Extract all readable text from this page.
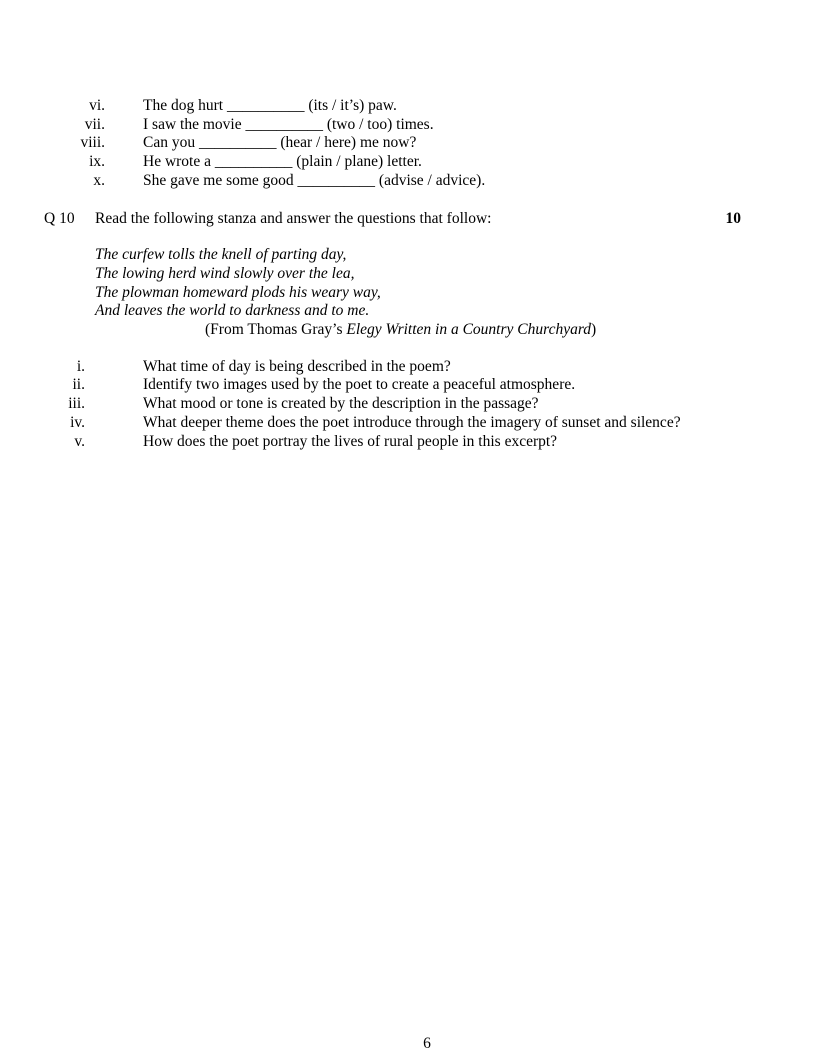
vi. The dog hurt __________ (its / it’s) paw.
vii. I saw the movie __________ (two / too) times.
viii. Can you __________ (hear / here) me now?
ix. He wrote a __________ (plain / plane) letter.
x. She gave me some good __________ (advise / advice).
Q 10	Read the following stanza and answer the questions that follow:	10
The curfew tolls the knell of parting day,
The lowing herd wind slowly over the lea,
The plowman homeward plods his weary way,
And leaves the world to darkness and to me.
(From Thomas Gray’s Elegy Written in a Country Churchyard)
i.	What time of day is being described in the poem?
ii.	Identify two images used by the poet to create a peaceful atmosphere.
iii.	What mood or tone is created by the description in the passage?
iv.	What deeper theme does the poet introduce through the imagery of sunset and silence?
v.	How does the poet portray the lives of rural people in this excerpt?
6
